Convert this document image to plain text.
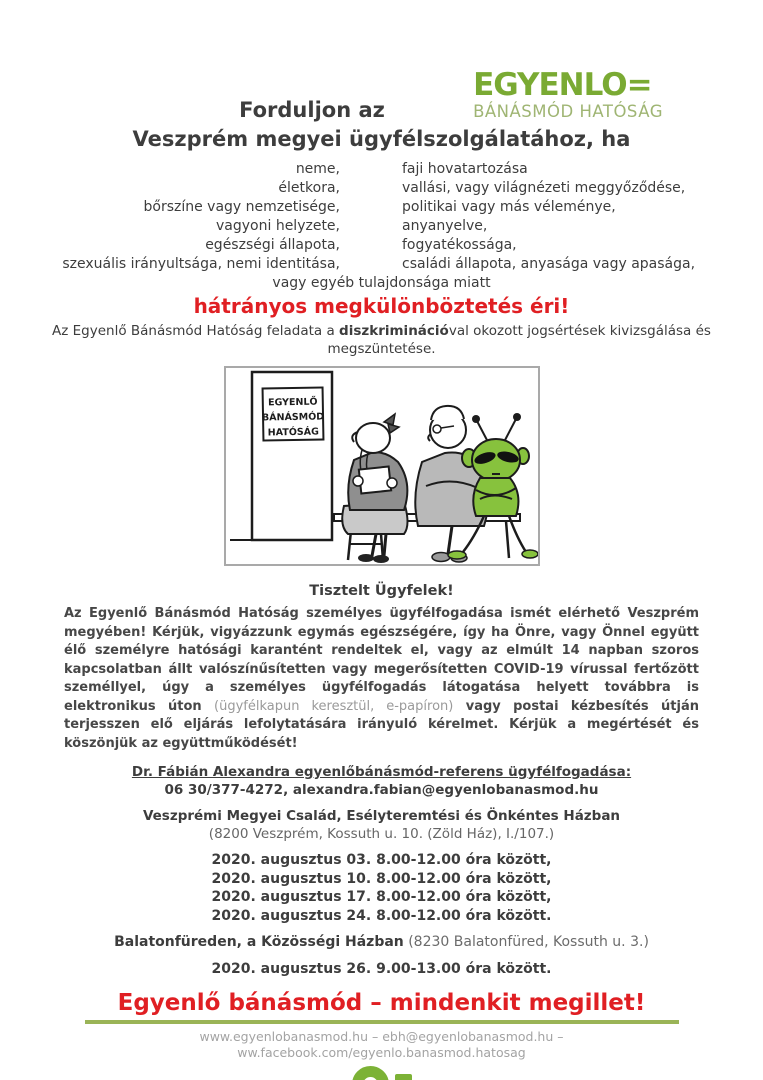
EGYENLO=
BÁNÁSMÓD HATÓSÁG
Forduljon az
Veszprém megyei ügyfélszolgálatához, ha
neme,	faji hovatartozása
életkora,	vallási, vagy világnézeti meggyőződése,
bőrszíne vagy nemzetisége,	politikai vagy más véleménye,
vagyoni helyzete,	anyanyelve,
egészségi állapota,	fogyatékossága,
szexuális irányultsága, nemi identitása,	családi állapota, anyasága vagy apasága,
vagy egyéb tulajdonsága miatt
hátrányos megkülönböztetés éri!

Az Egyenlő Bánásmód Hatóság feladata a diszkriminációval okozott jogsértések kivizsgálása és megszüntetése.

EGYENLŐ
BÁNÁSMÓD
HATÓSÁG
Tisztelt Ügyfelek!

Az Egyenlő Bánásmód Hatóság személyes ügyfélfogadása ismét elérhető Veszprém megyében! Kérjük, vigyázzunk egymás egészségére, így ha Önre, vagy Önnel együtt élő személyre hatósági karantént rendeltek el, vagy az elmúlt 14 napban szoros kapcsolatban állt valószínűsítetten vagy megerősítetten COVID-19 vírussal fertőzött személlyel, úgy a személyes ügyfélfogadás látogatása helyett továbbra is elektronikus úton (ügyfélkapun keresztül, e-papíron) vagy postai kézbesítés útján terjesszen elő eljárás lefolytatására irányuló kérelmet. Kérjük a megértését és köszönjük az együttműködését!

Dr. Fábián Alexandra egyenlőbánásmód-referens ügyfélfogadása:
06 30/377-4272, alexandra.fabian@egyenlobanasmod.hu
Veszprémi Megyei Család, Esélyteremtési és Önkéntes Házban
(8200 Veszprém, Kossuth u. 10. (Zöld Ház), I./107.)
2020. augusztus 03. 8.00-12.00 óra között,
2020. augusztus 10. 8.00-12.00 óra között,
2020. augusztus 17. 8.00-12.00 óra között,
2020. augusztus 24. 8.00-12.00 óra között.
Balatonfüreden, a Közösségi Házban (8230 Balatonfüred, Kossuth u. 3.)
2020. augusztus 26. 9.00-13.00 óra között.
Egyenlő bánásmód – mindenkit megillet!
www.egyenlobanasmod.hu – ebh@egyenlobanasmod.hu –
ww.facebook.com/egyenlo.banasmod.hatosag
